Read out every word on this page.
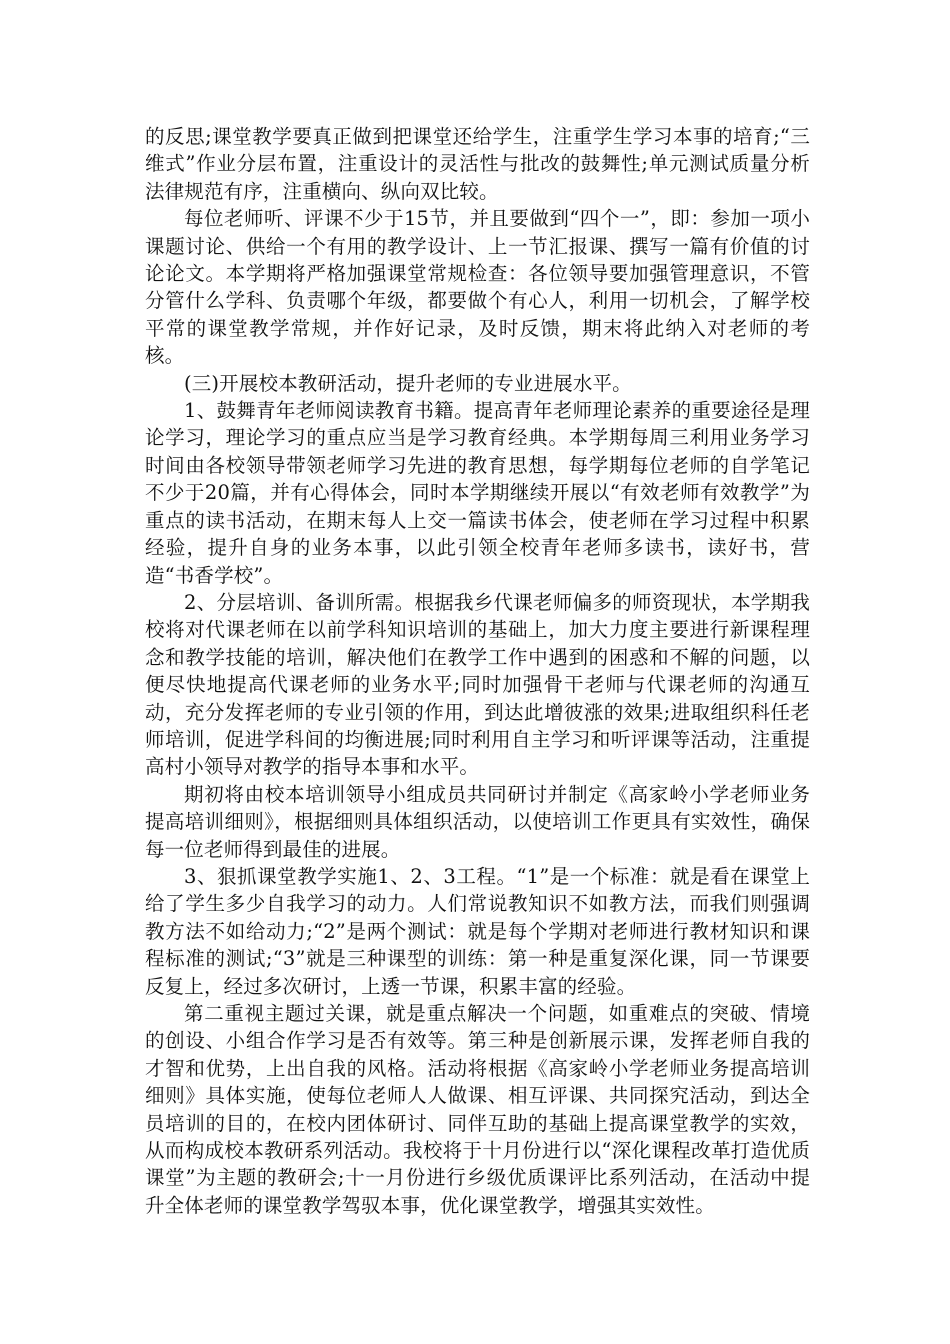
的反思;课堂教学要真正做到把课堂还给学生，注重学生学习本事的培育;“三维式”作业分层布置，注重设计的灵活性与批改的鼓舞性;单元测试质量分析法律规范有序，注重横向、纵向双比较。

每位老师听、评课不少于15节，并且要做到“四个一”，即：参加一项小课题讨论、供给一个有用的教学设计、上一节汇报课、撰写一篇有价值的讨论论文。本学期将严格加强课堂常规检查：各位领导要加强管理意识，不管分管什么学科、负责哪个年级，都要做个有心人，利用一切机会，了解学校平常的课堂教学常规，并作好记录，及时反馈，期末将此纳入对老师的考核。

(三)开展校本教研活动，提升老师的专业进展水平。

1、鼓舞青年老师阅读教育书籍。提高青年老师理论素养的重要途径是理论学习，理论学习的重点应当是学习教育经典。本学期每周三利用业务学习时间由各校领导带领老师学习先进的教育思想，每学期每位老师的自学笔记不少于20篇，并有心得体会，同时本学期继续开展以“有效老师有效教学”为重点的读书活动，在期末每人上交一篇读书体会，使老师在学习过程中积累经验，提升自身的业务本事，以此引领全校青年老师多读书，读好书，营造“书香学校”。

2、分层培训、备训所需。根据我乡代课老师偏多的师资现状，本学期我校将对代课老师在以前学科知识培训的基础上，加大力度主要进行新课程理念和教学技能的培训，解决他们在教学工作中遇到的困惑和不解的问题，以便尽快地提高代课老师的业务水平;同时加强骨干老师与代课老师的沟通互动，充分发挥老师的专业引领的作用，到达此增彼涨的效果;进取组织科任老师培训，促进学科间的均衡进展;同时利用自主学习和听评课等活动，注重提高村小领导对教学的指导本事和水平。

期初将由校本培训领导小组成员共同研讨并制定《高家岭小学老师业务提高培训细则》，根据细则具体组织活动，以使培训工作更具有实效性，确保每一位老师得到最佳的进展。

3、狠抓课堂教学实施1、2、3工程。“1”是一个标准：就是看在课堂上给了学生多少自我学习的动力。人们常说教知识不如教方法，而我们则强调教方法不如给动力;“2”是两个测试：就是每个学期对老师进行教材知识和课程标准的测试;“3”就是三种课型的训练：第一种是重复深化课，同一节课要反复上，经过多次研讨，上透一节课，积累丰富的经验。

第二重视主题过关课，就是重点解决一个问题，如重难点的突破、情境的创设、小组合作学习是否有效等。第三种是创新展示课，发挥老师自我的才智和优势，上出自我的风格。活动将根据《高家岭小学老师业务提高培训细则》具体实施，使每位老师人人做课、相互评课、共同探究活动，到达全员培训的目的，在校内团体研讨、同伴互助的基础上提高课堂教学的实效，从而构成校本教研系列活动。我校将于十月份进行以“深化课程改革打造优质课堂”为主题的教研会;十一月份进行乡级优质课评比系列活动，在活动中提升全体老师的课堂教学驾驭本事，优化课堂教学，增强其实效性。
